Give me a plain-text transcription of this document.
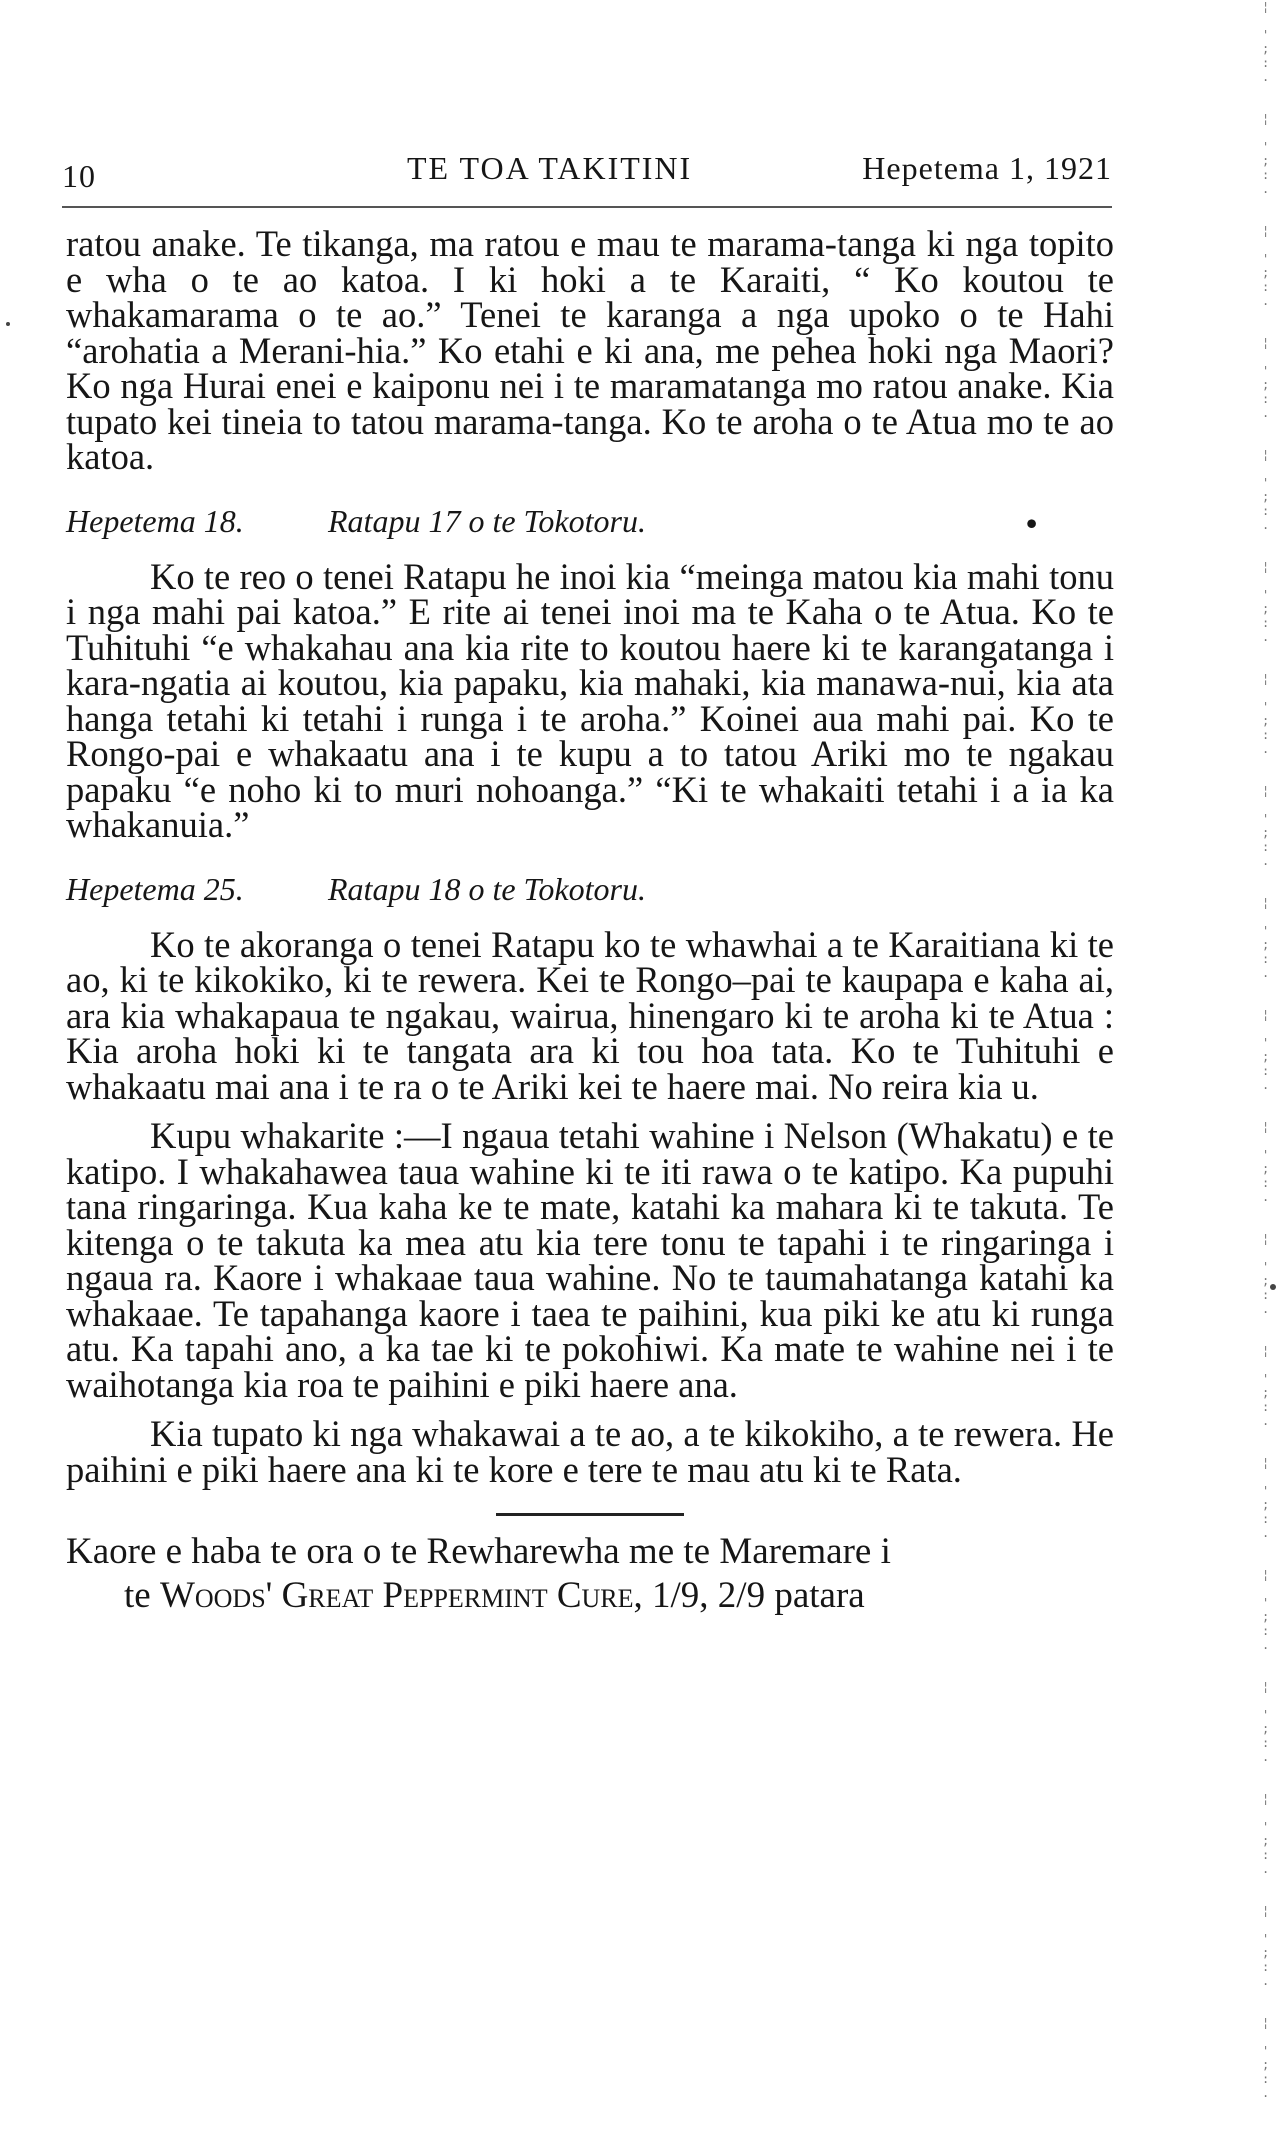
10	TE TOA TAKITINI	Hepetema 1, 1921

ratou anake. Te tikanga, ma ratou e mau te marama-tanga ki nga topito e wha o te ao katoa. I ki hoki a te Karaiti, “ Ko koutou te whakamarama o te ao.” Tenei te karanga a nga upoko o te Hahi “arohatia a Merani-hia.” Ko etahi e ki ana, me pehea hoki nga Maori? Ko nga Hurai enei e kaiponu nei i te maramatanga mo ratou anake. Kia tupato kei tineia to tatou marama-tanga. Ko te aroha o te Atua mo te ao katoa.

Hepetema 18.	Ratapu 17 o te Tokotoru.	•

Ko te reo o tenei Ratapu he inoi kia “meinga matou kia mahi tonu i nga mahi pai katoa.” E rite ai tenei inoi ma te Kaha o te Atua. Ko te Tuhituhi “e whakahau ana kia rite to koutou haere ki te karangatanga i kara-ngatia ai koutou, kia papaku, kia mahaki, kia manawa-nui, kia ata hanga tetahi ki tetahi i runga i te aroha.” Koinei aua mahi pai. Ko te Rongo-pai e whakaatu ana i te kupu a to tatou Ariki mo te ngakau papaku “e noho ki to muri nohoanga.” “Ki te whakaiti tetahi i a ia ka whakanuia.”

Hepetema 25.	Ratapu 18 o te Tokotoru.

Ko te akoranga o tenei Ratapu ko te whawhai a te Karaitiana ki te ao, ki te kikokiko, ki te rewera. Kei te Rongo–pai te kaupapa e kaha ai, ara kia whakapaua te ngakau, wairua, hinengaro ki te aroha ki te Atua : Kia aroha hoki ki te tangata ara ki tou hoa tata. Ko te Tuhituhi e whakaatu mai ana i te ra o te Ariki kei te haere mai. No reira kia u.

Kupu whakarite :—I ngaua tetahi wahine i Nelson (Whakatu) e te katipo. I whakahawea taua wahine ki te iti rawa o te katipo. Ka pupuhi tana ringaringa. Kua kaha ke te mate, katahi ka mahara ki te takuta. Te kitenga o te takuta ka mea atu kia tere tonu te tapahi i te ringaringa i ngaua ra. Kaore i whakaae taua wahine. No te taumahatanga katahi ka whakaae. Te tapahanga kaore i taea te paihini, kua piki ke atu ki runga atu. Ka tapahi ano, a ka tae ki te pokohiwi. Ka mate te wahine nei i te waihotanga kia roa te paihini e piki haere ana.

Kia tupato ki nga whakawai a te ao, a te kikokiho, a te rewera. He paihini e piki haere ana ki te kore e tere te mau atu ki te Rata.

Kaore e haba te ora o te Rewharewha me te Maremare i
te Woods' Great Peppermint Cure, 1/9, 2/9 patara
¦

'
;
:
.

¦

'
;
:
.

¦

'
;
:
.

¦

'
;
:
.

¦

'
;
:
.

¦

'
;
:
.

¦

'
;
:
.

¦

'
;
:
.

¦

'
;
:
.

¦

'
;
:
.

¦

'
;
:
.

¦

'
;
:
.

¦

'
;
:
.

¦

'
;
:
.

¦

'
;
:
.

¦

'
;
:
.

¦

'
;
:
.

¦

'
;
:
.

¦

'
;
:
.
